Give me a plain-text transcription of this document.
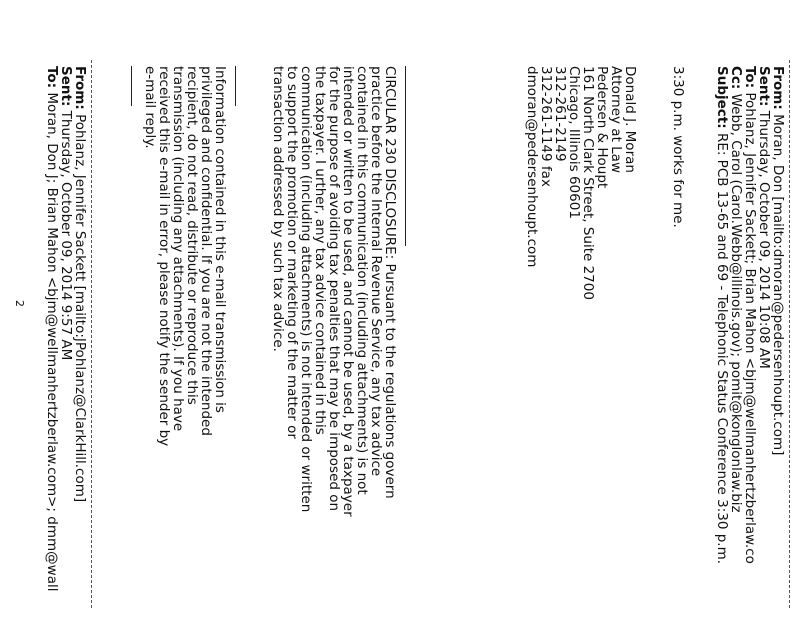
From: Moran, Don [mailto:dmoran@pedersenhoupt.com]
Sent: Thursday, October 09, 2014 10:08 AM
To: Pohlanz, Jennifer Sackett; Brian Mahon <bjm@wellmanhertzberlaw.co
Cc: Webb, Carol (Carol.Webb@illinois.gov); pomit@konglonlaw.biz
Subject: RE: PCB 13-65 and 69 - Telephonic Status Conference 3:30 p.m.
3:30 p.m. works for me.
Donald J. Moran
Attorney at Law
Pedersen & Houpt
161 North Clark Street, Suite 2700
Chicago, Illinois 60601
312-261-2149
312-261-1149 fax
dmoran@pedersenhoupt.com
CIRCULAR 230 DISCLOSURE: Pursuant to the regulations govern
practice before the Internal Revenue Service, any tax advice
contained in this communication (including attachments) is not
intended or written to be used, and cannot be used, by a taxpayer
for the purpose of avoiding tax penalties that may be imposed on
the taxpayer. I urther, any tax advice contained in this
communication (including attachments) is not intended or written
to support the promotion or marketing of the matter or
transaction addressed by such tax advice.
Information contained in this e-mail transmission is
privileged and confidential. If you are not the intended
recipient, do not read, distribute or reproduce this
transmission (including any attachments). If you have
received this e-mail in error, please notify the sender by
e-mail reply.
From: Pohlanz, Jennifer Sackett [mailto:JPohlanz@ClarkHill.com]
Sent: Thursday, October 09, 2014 9:57 AM
To: Moran, Don J; Brian Mahon <bjm@wellmanhertzberlaw.com>; dmm@wall
2
